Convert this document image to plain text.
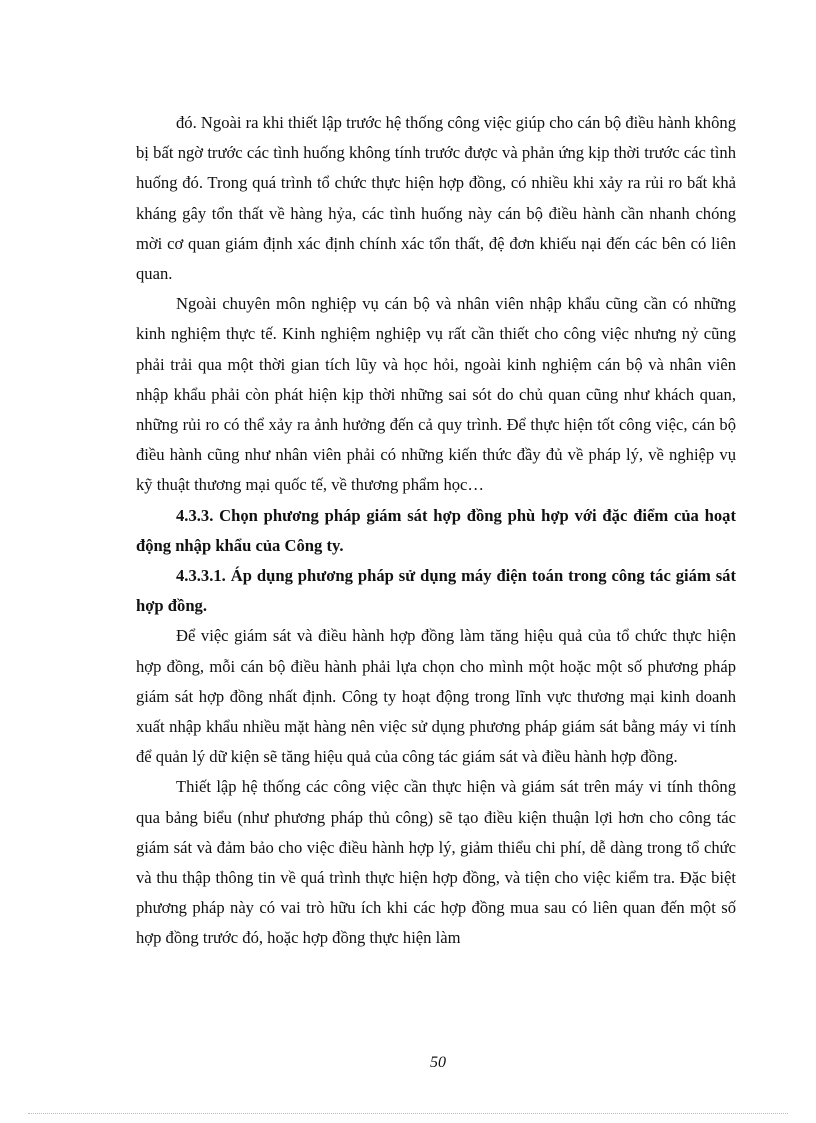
đó. Ngoài ra khi thiết lập trước hệ thống công việc giúp cho cán bộ điều hành không bị bất ngờ trước các tình huống không tính trước được và phản ứng kịp thời trước các tình huống đó. Trong quá trình tổ chức thực hiện hợp đồng, có nhiều khi xảy ra rủi ro bất khả kháng gây tổn thất về hàng hỷa, các tình huống này cán bộ điều hành cần nhanh chóng mời cơ quan giám định xác định chính xác tổn thất, đệ đơn khiếu nại đến các bên có liên quan.

Ngoài chuyên môn nghiệp vụ cán bộ và nhân viên nhập khẩu cũng cần có những kinh nghiệm thực tế. Kinh nghiệm nghiệp vụ rất cần thiết cho công việc nhưng nỷ cũng phải trải qua một thời gian tích lũy và học hỏi, ngoài kinh nghiệm cán bộ và nhân viên nhập khẩu phải còn phát hiện kịp thời những sai sót do chủ quan cũng như khách quan, những rủi ro có thể xảy ra ảnh hưởng đến cả quy trình. Để thực hiện tốt công việc, cán bộ điều hành cũng như nhân viên phải có những kiến thức đầy đủ về pháp lý, về nghiệp vụ kỹ thuật thương mại quốc tế, về thương phẩm học…

4.3.3. Chọn phương pháp giám sát hợp đồng phù hợp với đặc điểm của hoạt động nhập khẩu của Công ty.
4.3.3.1. Áp dụng phương pháp sử dụng máy điện toán trong công tác giám sát hợp đồng.

Để việc giám sát và điều hành hợp đồng làm tăng hiệu quả của tổ chức thực hiện hợp đồng, mỗi cán bộ điều hành phải lựa chọn cho mình một hoặc một số phương pháp giám sát hợp đồng nhất định. Công ty hoạt động trong lĩnh vực thương mại kinh doanh xuất nhập khẩu nhiều mặt hàng nên việc sử dụng phương pháp giám sát bằng máy vi tính để quản lý dữ kiện sẽ tăng hiệu quả của công tác giám sát và điều hành hợp đồng.

Thiết lập hệ thống các công việc cần thực hiện và giám sát trên máy vi tính thông qua bảng biểu (như phương pháp thủ công) sẽ tạo điều kiện thuận lợi hơn cho công tác giám sát và đảm bảo cho việc điều hành hợp lý, giảm thiểu chi phí, dễ dàng trong tổ chức và thu thập thông tin về quá trình thực hiện hợp đồng, và tiện cho việc kiểm tra. Đặc biệt phương pháp này có vai trò hữu ích khi các hợp đồng mua sau có liên quan đến một số hợp đồng trước đó, hoặc hợp đồng thực hiện làm

50
